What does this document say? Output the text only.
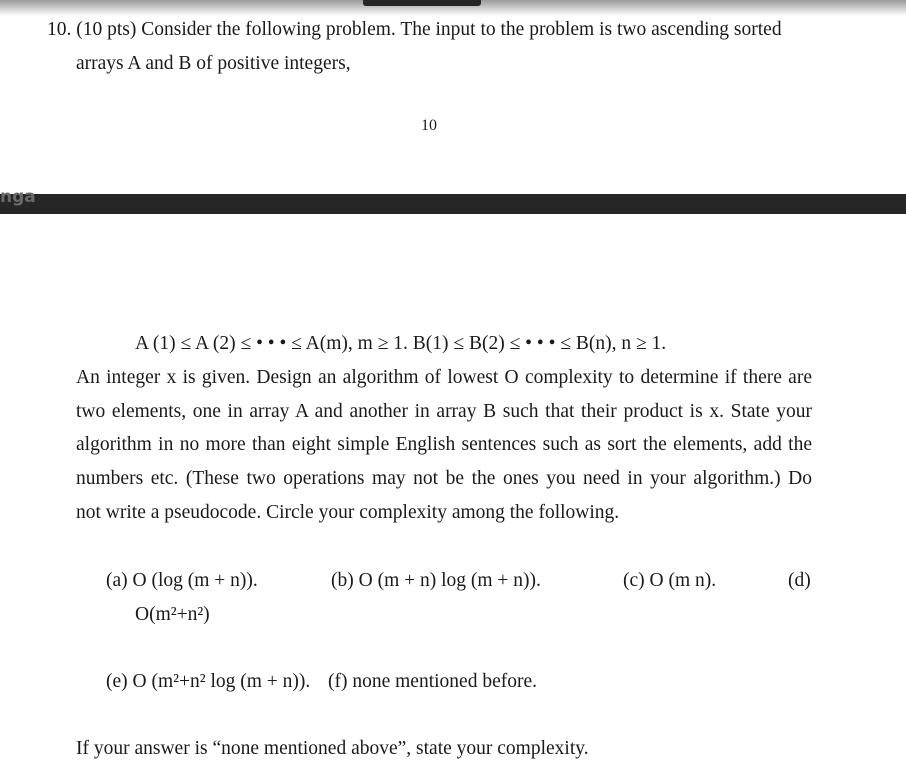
10. (10 pts) Consider the following problem. The input to the problem is two ascending sorted
arrays A and B of positive integers,
10
nga
A (1) ≤ A (2) ≤ • • • ≤ A(m), m ≥ 1. B(1) ≤ B(2) ≤ • • • ≤ B(n), n ≥ 1.
An integer x is given. Design an algorithm of lowest O complexity to determine if there are
two elements, one in array A and another in array B such that their product is x. State your
algorithm in no more than eight simple English sentences such as sort the elements, add the
numbers etc. (These two operations may not be the ones you need in your algorithm.) Do
not write a pseudocode. Circle your complexity among the following.
(a) O (log (m + n)).	(b) O (m + n) log (m + n)).	(c) O (m n).	(d)
O(m²+n²)
(e) O (m²+n² log (m + n)). (f) none mentioned before.
If your answer is “none mentioned above”, state your complexity.
